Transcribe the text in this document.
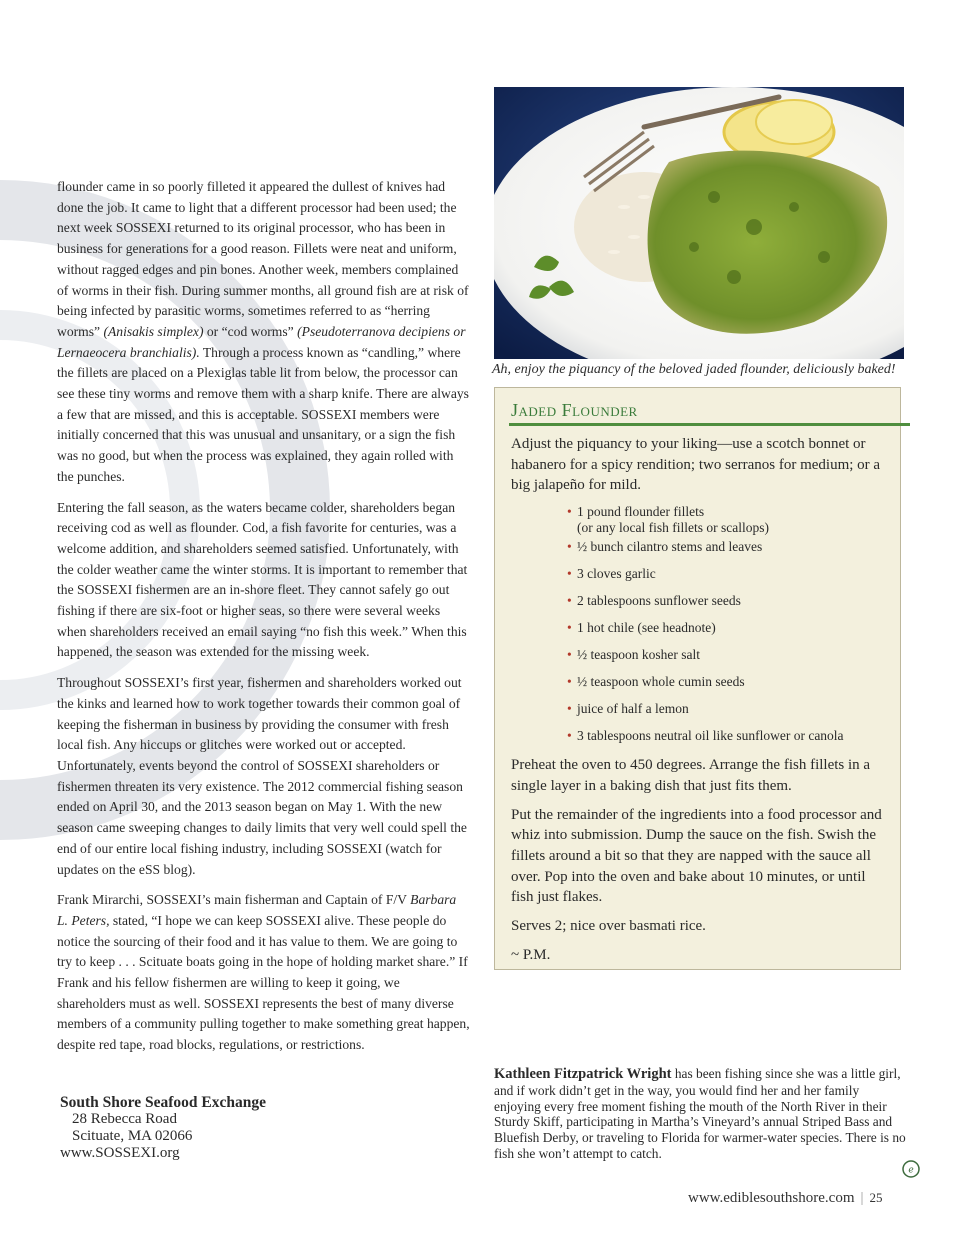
flounder came in so poorly filleted it appeared the dullest of knives had done the job. It came to light that a different processor had been used; the next week SOSSEXI returned to its original processor, who has been in business for generations for a good reason. Fillets were neat and uniform, without ragged edges and pin bones. Another week, members complained of worms in their fish. During summer months, all ground fish are at risk of being infected by parasitic worms, sometimes referred to as “herring worms” (Anisakis simplex) or “cod worms” (Pseudoterranova decipiens or Lernaeocera branchialis). Through a process known as “candling,” where the fillets are placed on a Plexiglas table lit from below, the processor can see these tiny worms and remove them with a sharp knife. There are always a few that are missed, and this is acceptable. SOSSEXI members were initially concerned that this was unusual and unsanitary, or a sign the fish was no good, but when the process was explained, they again rolled with the punches.

Entering the fall season, as the waters became colder, shareholders began receiving cod as well as flounder. Cod, a fish favorite for centuries, was a welcome addition, and shareholders seemed satisfied. Unfortunately, with the colder weather came the winter storms. It is important to remember that the SOSSEXI fishermen are an in-shore fleet. They cannot safely go out fishing if there are six-foot or higher seas, so there were several weeks when shareholders received an email saying “no fish this week.” When this happened, the season was extended for the missing week.

Throughout SOSSEXI’s first year, fishermen and shareholders worked out the kinks and learned how to work together towards their common goal of keeping the fisherman in business by providing the consumer with fresh local fish. Any hiccups or glitches were worked out or accepted. Unfortunately, events beyond the control of SOSSEXI shareholders or fishermen threaten its very existence. The 2012 commercial fishing season ended on April 30, and the 2013 season began on May 1. With the new season came sweeping changes to daily limits that very well could spell the end of our entire local fishing industry, including SOSSEXI (watch for updates on the eSS blog).

Frank Mirarchi, SOSSEXI’s main fisherman and Captain of F/V Barbara L. Peters, stated, “I hope we can keep SOSSEXI alive. These people do notice the sourcing of their food and it has value to them. We are going to try to keep . . . Scituate boats going in the hope of holding market share.” If Frank and his fellow fishermen are willing to keep it going, we shareholders must as well. SOSSEXI represents the best of many diverse members of a community pulling together to make something great happen, despite red tape, road blocks, regulations, or restrictions.

South Shore Seafood Exchange
28 Rebecca Road
Scituate, MA 02066
www.SOSSEXI.org
Ah, enjoy the piquancy of the beloved jaded flounder, deliciously baked!
Jaded Flounder

Adjust the piquancy to your liking—use a scotch bonnet or habanero for a spicy rendition; two serranos for medium; or a big jalapeño for mild.

• 1 pound flounder fillets
(or any local fish fillets or scallops)
• ½ bunch cilantro stems and leaves
• 3 cloves garlic
• 2 tablespoons sunflower seeds
• 1 hot chile (see headnote)
• ½ teaspoon kosher salt
• ½ teaspoon whole cumin seeds
• juice of half a lemon
• 3 tablespoons neutral oil like sunflower or canola

Preheat the oven to 450 degrees. Arrange the fish fillets in a single layer in a baking dish that just fits them.

Put the remainder of the ingredients into a food processor and whiz into submission. Dump the sauce on the fish. Swish the fillets around a bit so that they are napped with the sauce all over. Pop into the oven and bake about 10 minutes, or until fish just flakes.

Serves 2; nice over basmati rice.

~ P.M.

Kathleen Fitzpatrick Wright has been fishing since she was a little girl, and if work didn’t get in the way, you would find her and her family enjoying every free moment fishing the mouth of the North River in their Sturdy Skiff, participating in Martha’s Vineyard’s annual Striped Bass and Bluefish Derby, or traveling to Florida for warmer-water species. There is no fish she won’t attempt to catch.
e
www.ediblesouthshore.com | 25
